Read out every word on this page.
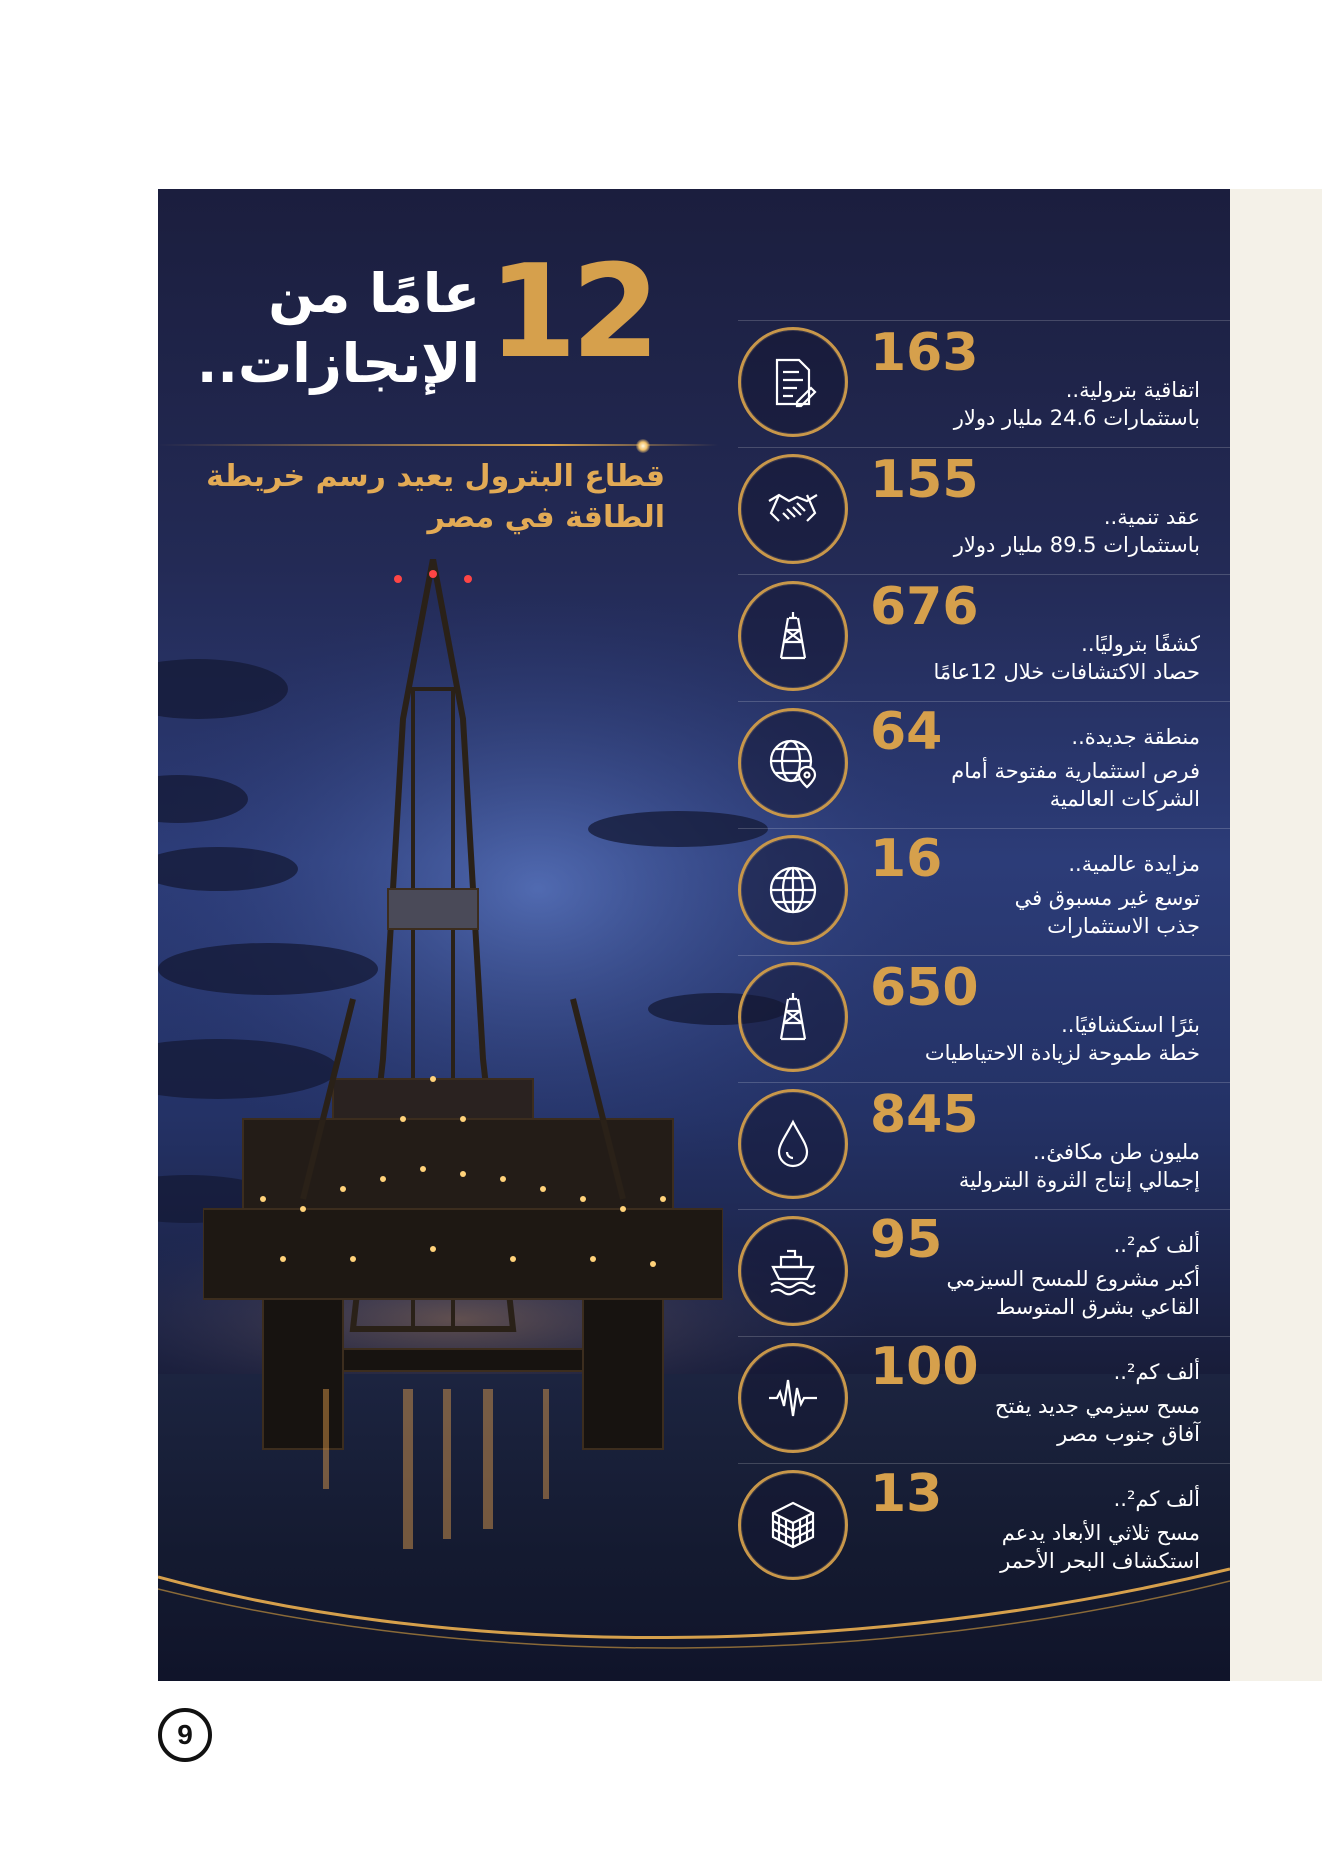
12
عامًا من
الإنجازات..
قطاع البترول يعيد رسم خريطة الطاقة في مصر
163
اتفاقية بترولية..
باستثمارات 24.6 مليار دولار
155
عقد تنمية..
باستثمارات 89.5 مليار دولار
676
كشفًا بتروليًا..
حصاد الاكتشافات خلال 12عامًا
64	منطقة جديدة..
فرص استثمارية مفتوحة أمام
الشركات العالمية
16	مزايدة عالمية..
توسع غير مسبوق في
جذب الاستثمارات
650
بئرًا استكشافيًا..
خطة طموحة لزيادة الاحتياطيات
845
مليون طن مكافئ..
إجمالي إنتاج الثروة البترولية
95	ألف كم²..
أكبر مشروع للمسح السيزمي
القاعي بشرق المتوسط
100	ألف كم²..
مسح سيزمي جديد يفتح
آفاق جنوب مصر
13	ألف كم²..
مسح ثلاثي الأبعاد يدعم
استكشاف البحر الأحمر
9
